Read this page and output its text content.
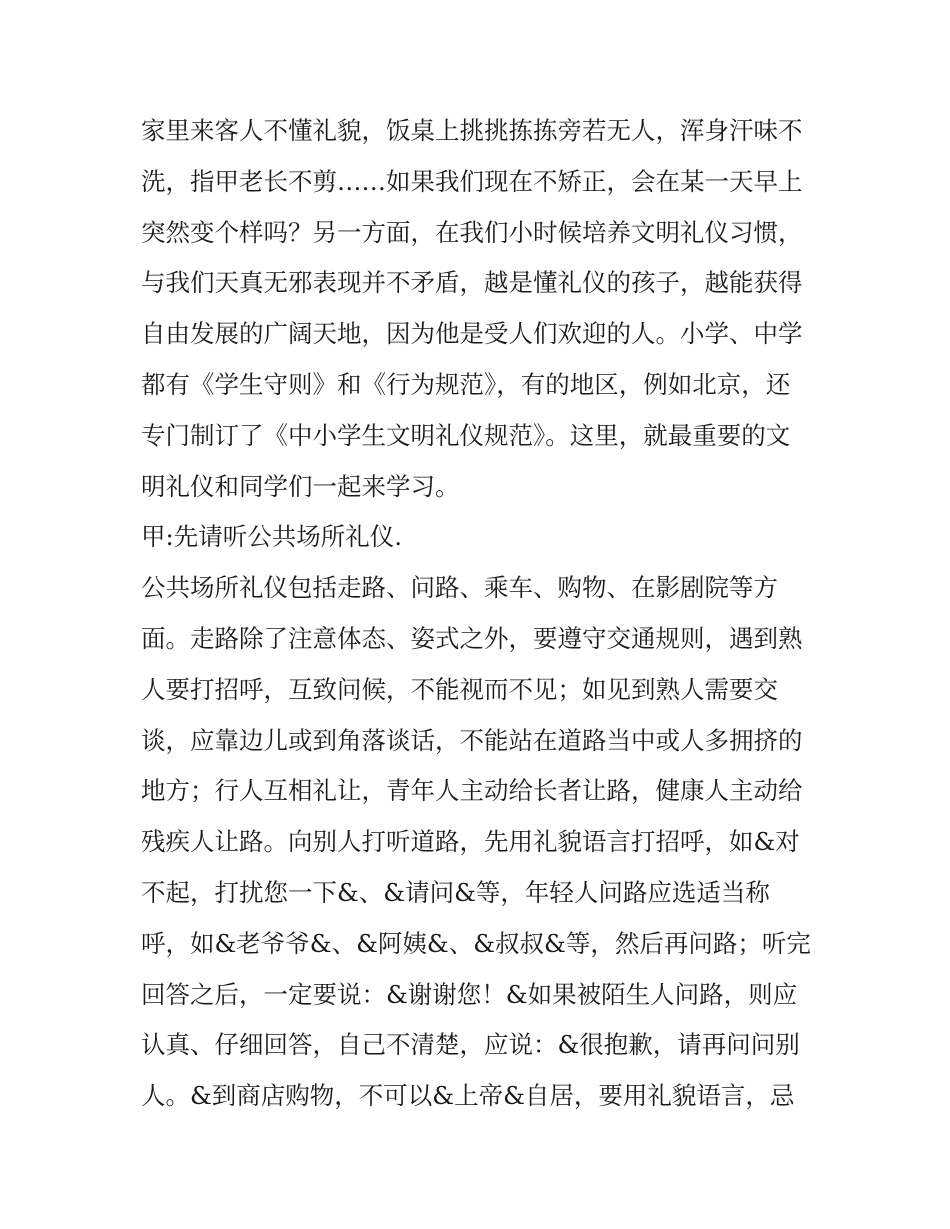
家里来客人不懂礼貌，饭桌上挑挑拣拣旁若无人，浑身汗味不
洗，指甲老长不剪……如果我们现在不矫正，会在某一天早上
突然变个样吗？另一方面，在我们小时候培养文明礼仪习惯，
与我们天真无邪表现并不矛盾，越是懂礼仪的孩子，越能获得
自由发展的广阔天地，因为他是受人们欢迎的人。小学、中学
都有《学生守则》和《行为规范》，有的地区，例如北京，还
专门制订了《中小学生文明礼仪规范》。这里，就最重要的文
明礼仪和同学们一起来学习。
甲:先请听公共场所礼仪.
公共场所礼仪包括走路、问路、乘车、购物、在影剧院等方
面。走路除了注意体态、姿式之外，要遵守交通规则，遇到熟
人要打招呼，互致问候，不能视而不见；如见到熟人需要交
谈，应靠边儿或到角落谈话，不能站在道路当中或人多拥挤的
地方；行人互相礼让，青年人主动给长者让路，健康人主动给
残疾人让路。向别人打听道路，先用礼貌语言打招呼，如&对
不起，打扰您一下&、&请问&等，年轻人问路应选适当称
呼，如&老爷爷&、&阿姨&、&叔叔&等，然后再问路；听完
回答之后，一定要说：&谢谢您！&如果被陌生人问路，则应
认真、仔细回答，自己不清楚，应说：&很抱歉，请再问问别
人。&到商店购物，不可以&上帝&自居，要用礼貌语言，忌
